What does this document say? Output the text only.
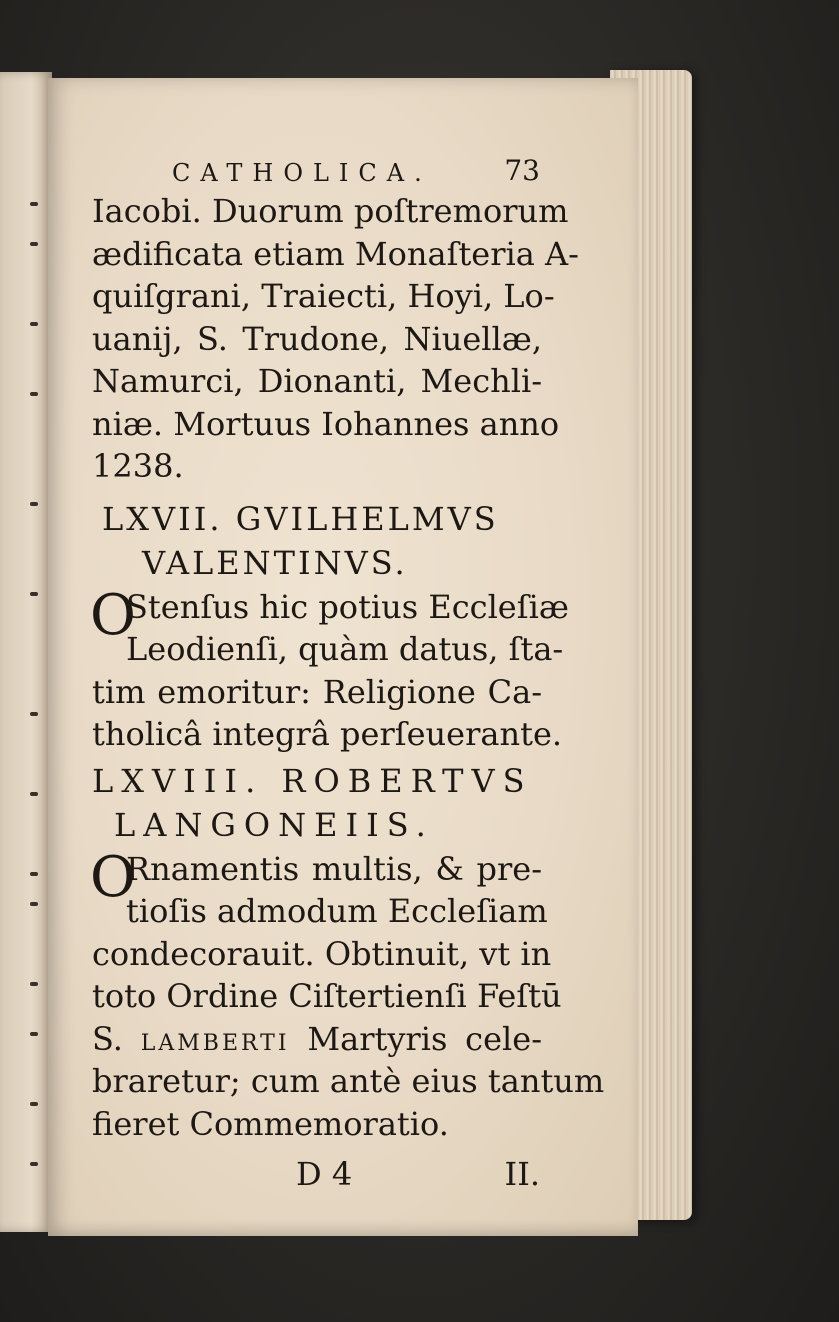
CATHOLICA.	73
Iacobi. Duorum poſtremorum
ædificata etiam Monaſteria A-
quiſgrani, Traiecti, Hoyi, Lo-
uanij, S. Trudone, Niuellæ,
Namurci, Dionanti, Mechli-
niæ. Mortuus Iohannes anno
1238.
LXVII. GVILHELMVS
VALENTINVS.
O
Stenſus hic potius Eccleſiæ
Leodienſi, quàm datus, ſta-
tim emoritur: Religione Ca-
tholicâ integrâ perſeuerante.
LXVIII. ROBERTVS
LANGONEIIS.
O
Rnamentis multis, & pre-
tioſis admodum Eccleſiam
condecorauit. Obtinuit, vt in
toto Ordine Ciſtertienſi Feſtū
S. LAMBERTI Martyris cele-
braretur; cum antè eius tantum
fieret Commemoratio.
D 4	II.
